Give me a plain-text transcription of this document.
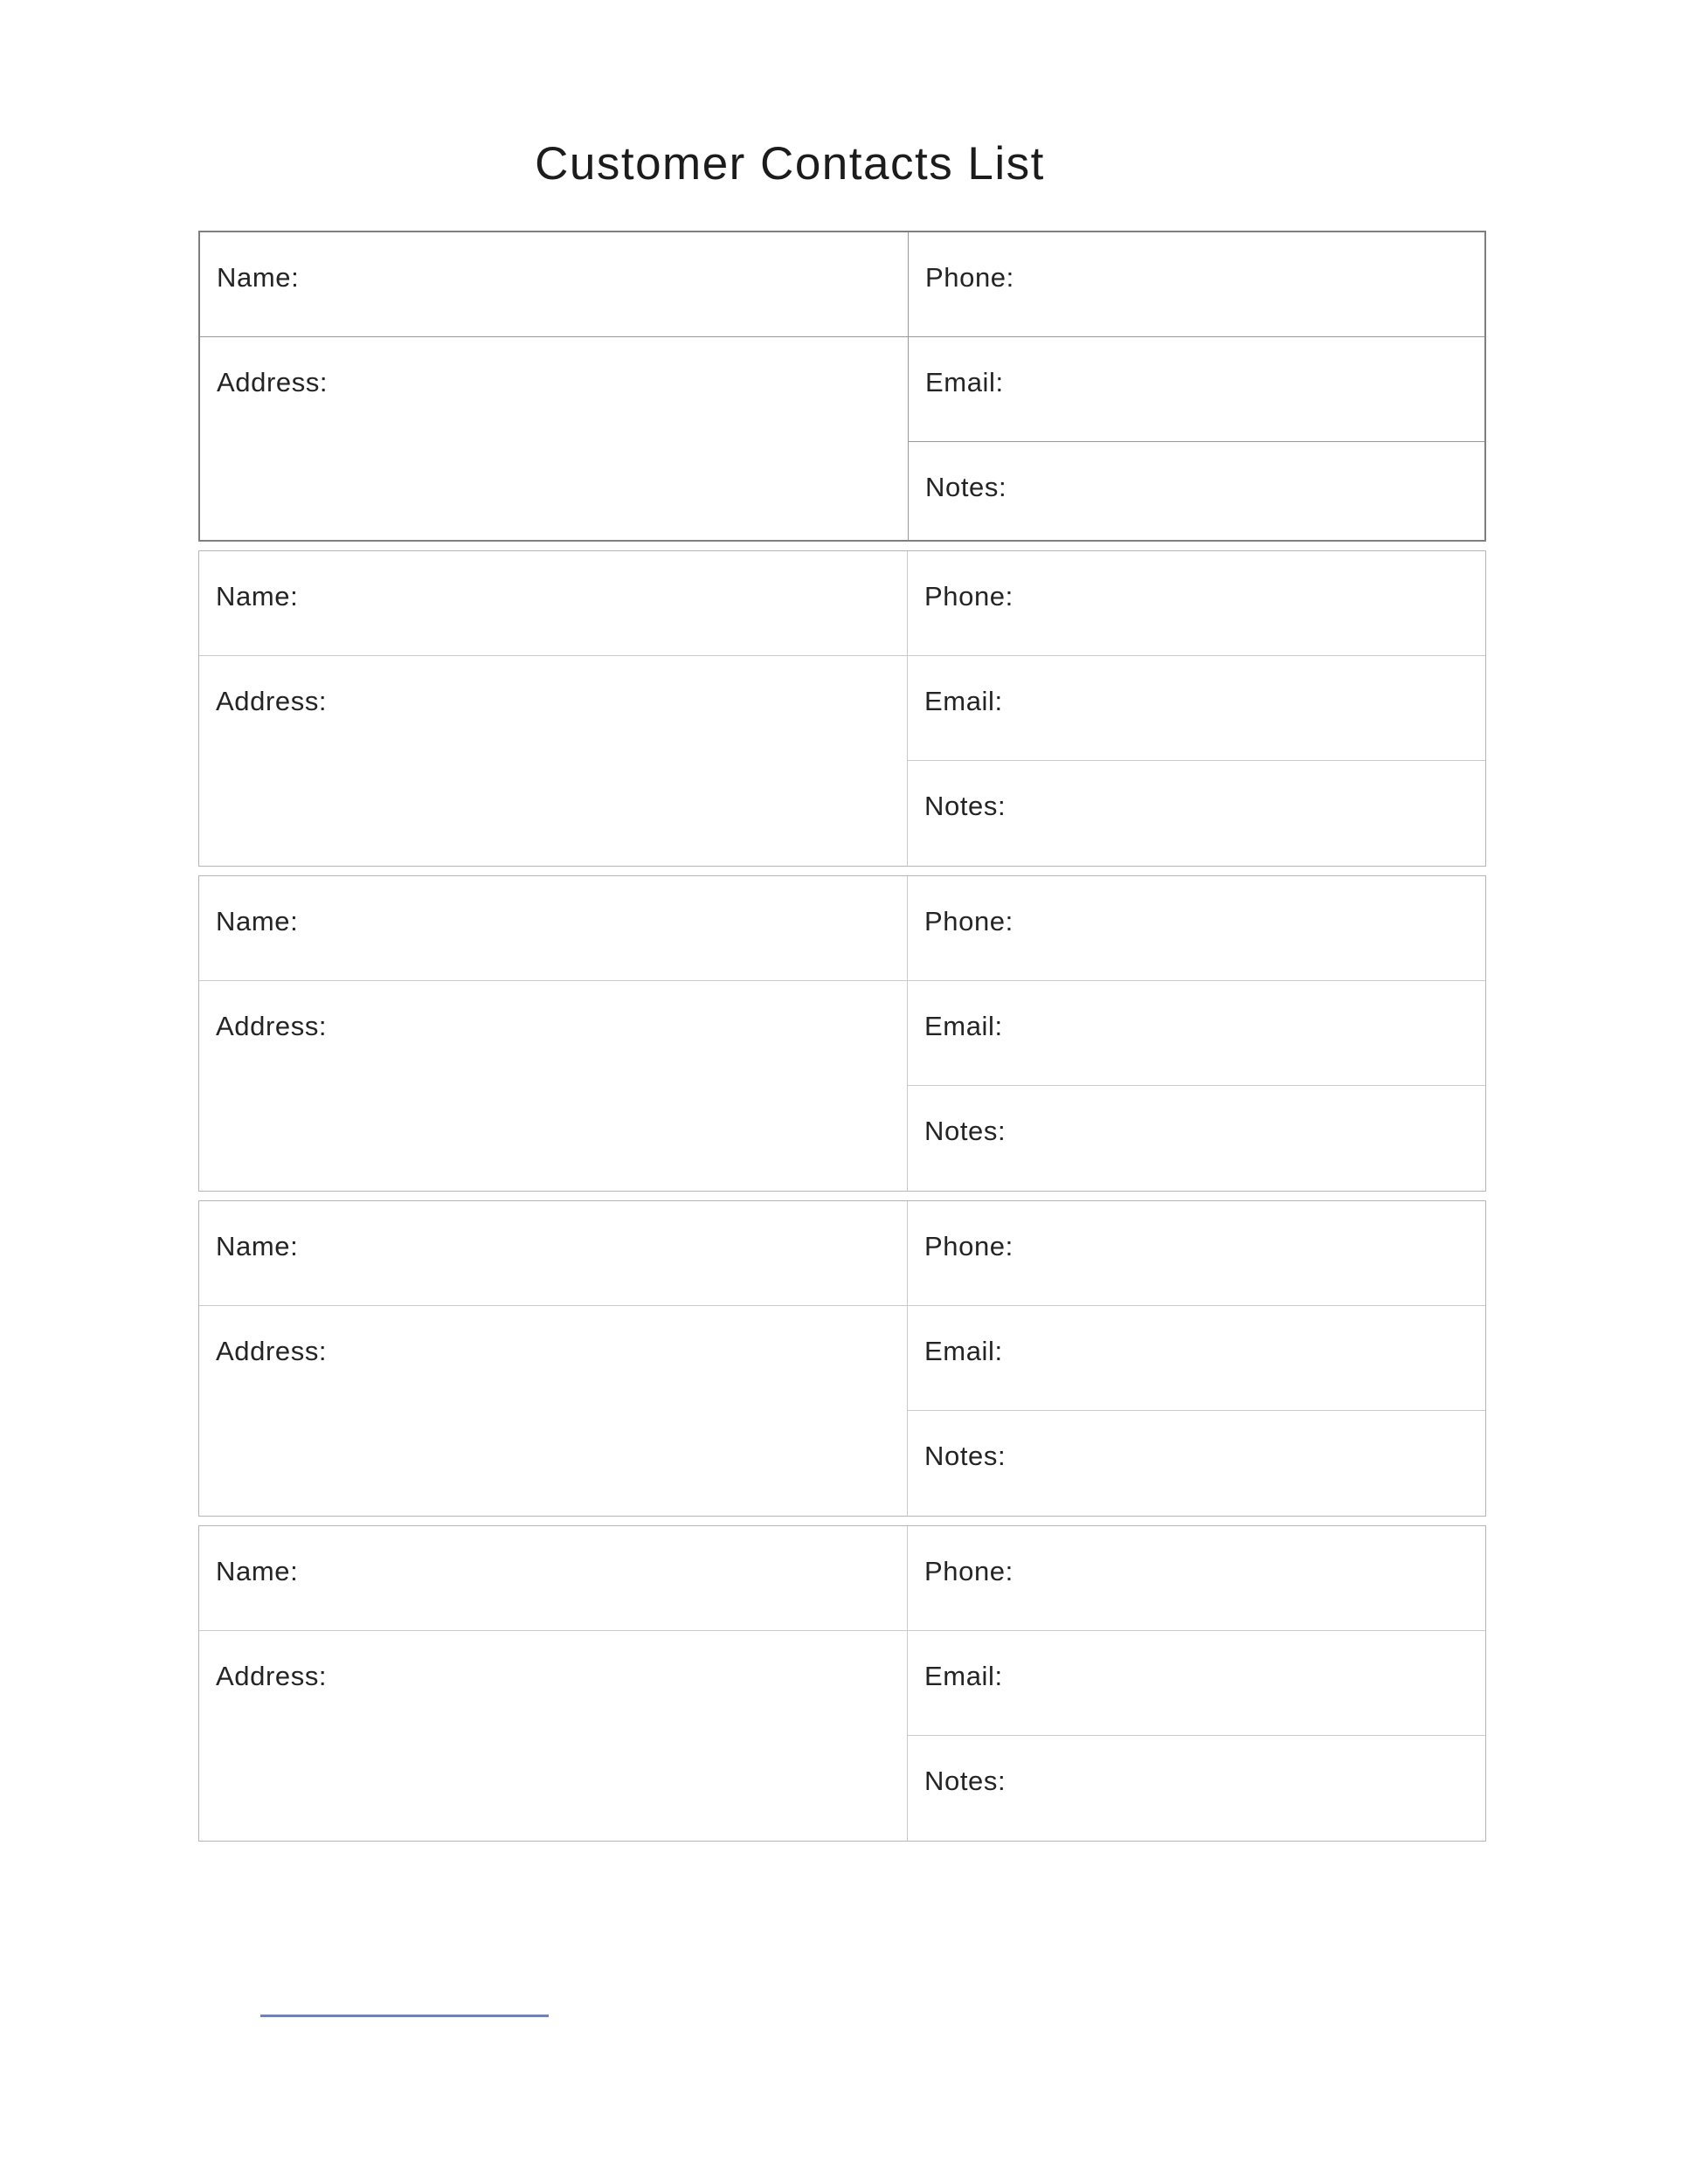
Customer Contacts List
Name:
Address:
Phone:
Email:
Notes:
Name:
Address:
Phone:
Email:
Notes:
Name:
Address:
Phone:
Email:
Notes:
Name:
Address:
Phone:
Email:
Notes:
Name:
Address:
Phone:
Email:
Notes:
